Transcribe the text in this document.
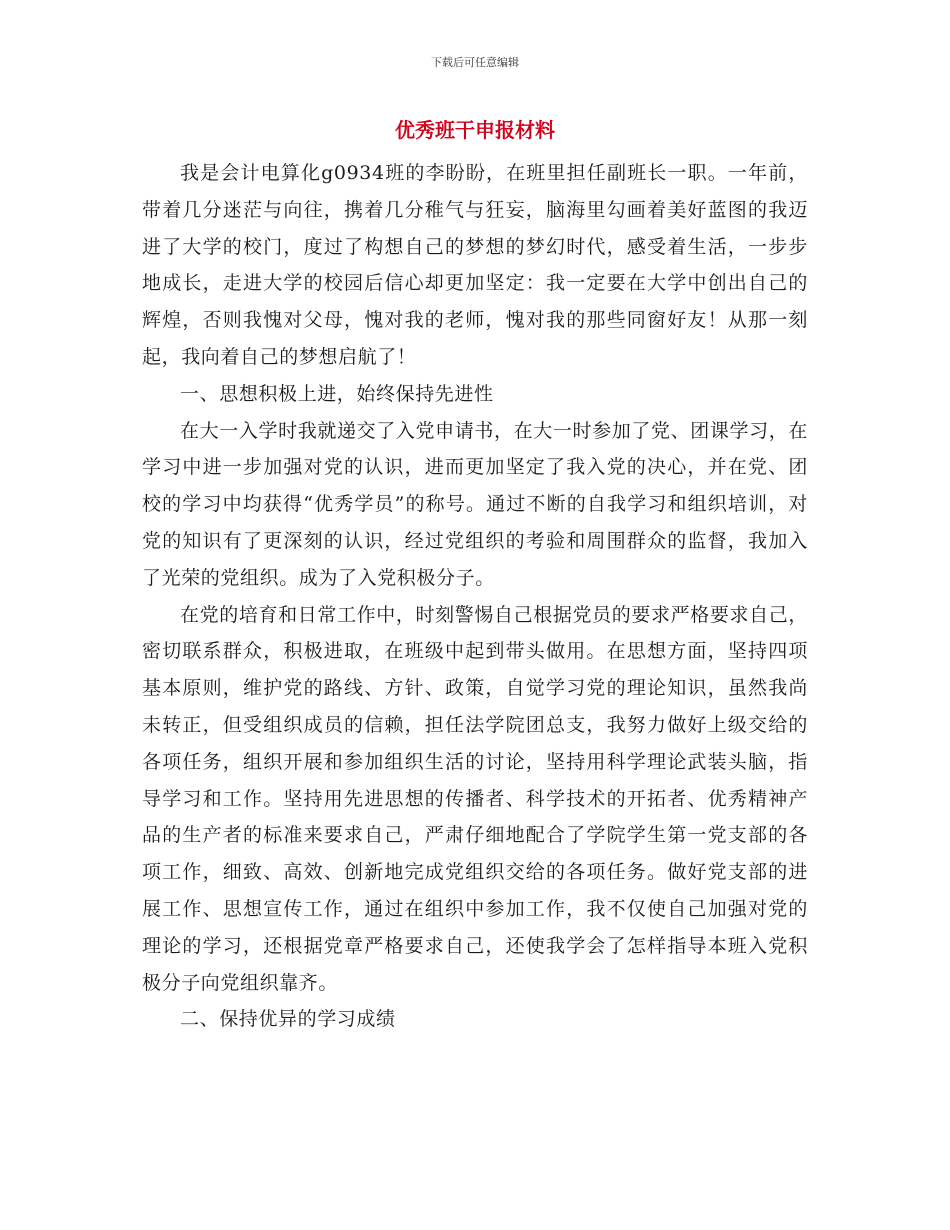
下载后可任意编辑
优秀班干申报材料

我是会计电算化g0934班的李盼盼，在班里担任副班长一职。一年前，带着几分迷茫与向往，携着几分稚气与狂妄，脑海里勾画着美好蓝图的我迈进了大学的校门，度过了构想自己的梦想的梦幻时代，感受着生活，一步步地成长，走进大学的校园后信心却更加坚定：我一定要在大学中创出自己的辉煌，否则我愧对父母，愧对我的老师，愧对我的那些同窗好友！从那一刻起，我向着自己的梦想启航了！

一、思想积极上进，始终保持先进性

在大一入学时我就递交了入党申请书，在大一时参加了党、团课学习，在学习中进一步加强对党的认识，进而更加坚定了我入党的决心，并在党、团校的学习中均获得“优秀学员”的称号。通过不断的自我学习和组织培训，对党的知识有了更深刻的认识，经过党组织的考验和周围群众的监督，我加入了光荣的党组织。成为了入党积极分子。

在党的培育和日常工作中，时刻警惕自己根据党员的要求严格要求自己，密切联系群众，积极进取，在班级中起到带头做用。在思想方面，坚持四项基本原则，维护党的路线、方针、政策，自觉学习党的理论知识，虽然我尚未转正，但受组织成员的信赖，担任法学院团总支，我努力做好上级交给的各项任务，组织开展和参加组织生活的讨论，坚持用科学理论武装头脑，指导学习和工作。坚持用先进思想的传播者、科学技术的开拓者、优秀精神产品的生产者的标准来要求自己，严肃仔细地配合了学院学生第一党支部的各项工作，细致、高效、创新地完成党组织交给的各项任务。做好党支部的进展工作、思想宣传工作，通过在组织中参加工作，我不仅使自己加强对党的理论的学习，还根据党章严格要求自己，还使我学会了怎样指导本班入党积极分子向党组织靠齐。

二、保持优异的学习成绩
